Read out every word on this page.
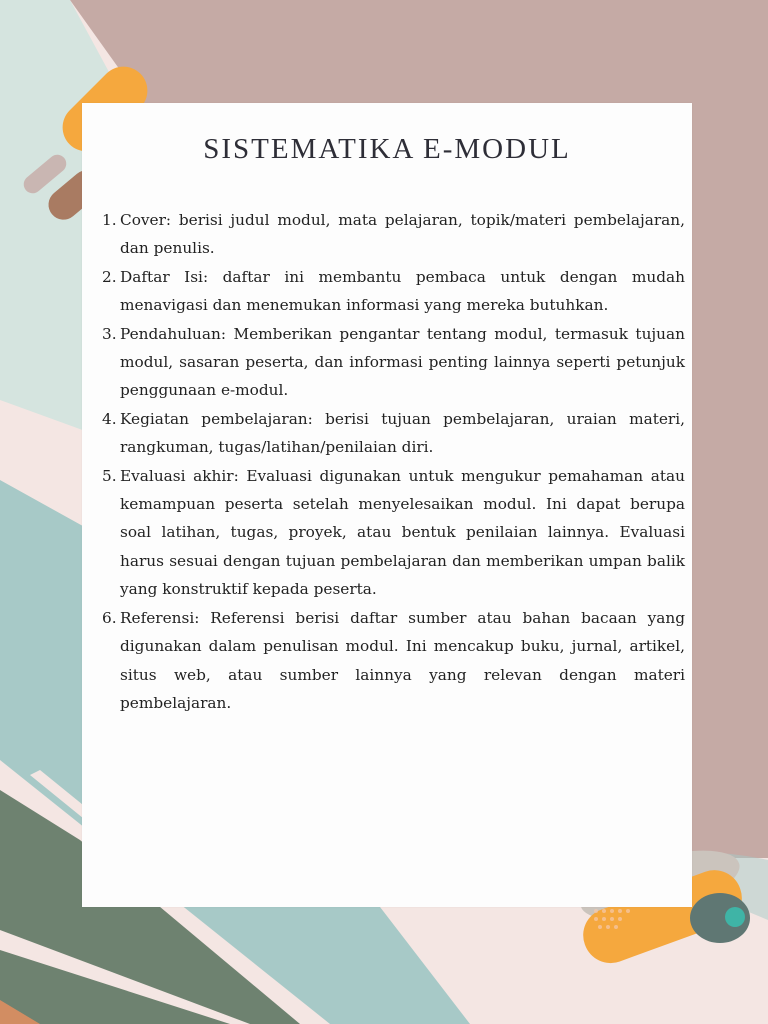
SISTEMATIKA E-MODUL
1. Cover: berisi judul modul, mata pelajaran, topik/materi pembelajaran, dan penulis.
2. Daftar Isi: daftar ini membantu pembaca untuk dengan mudah menavigasi dan menemukan informasi yang mereka butuhkan.
3. Pendahuluan: Memberikan pengantar tentang modul, termasuk tujuan modul, sasaran peserta, dan informasi penting lainnya seperti petunjuk penggunaan e-modul.
4. Kegiatan pembelajaran: berisi tujuan pembelajaran, uraian materi, rangkuman, tugas/latihan/penilaian diri.
5. Evaluasi akhir: Evaluasi digunakan untuk mengukur pemahaman atau kemampuan peserta setelah menyelesaikan modul. Ini dapat berupa soal latihan, tugas, proyek, atau bentuk penilaian lainnya. Evaluasi harus sesuai dengan tujuan pembelajaran dan memberikan umpan balik yang konstruktif kepada peserta.
6. Referensi: Referensi berisi daftar sumber atau bahan bacaan yang digunakan dalam penulisan modul. Ini mencakup buku, jurnal, artikel, situs web, atau sumber lainnya yang relevan dengan materi pembelajaran.
